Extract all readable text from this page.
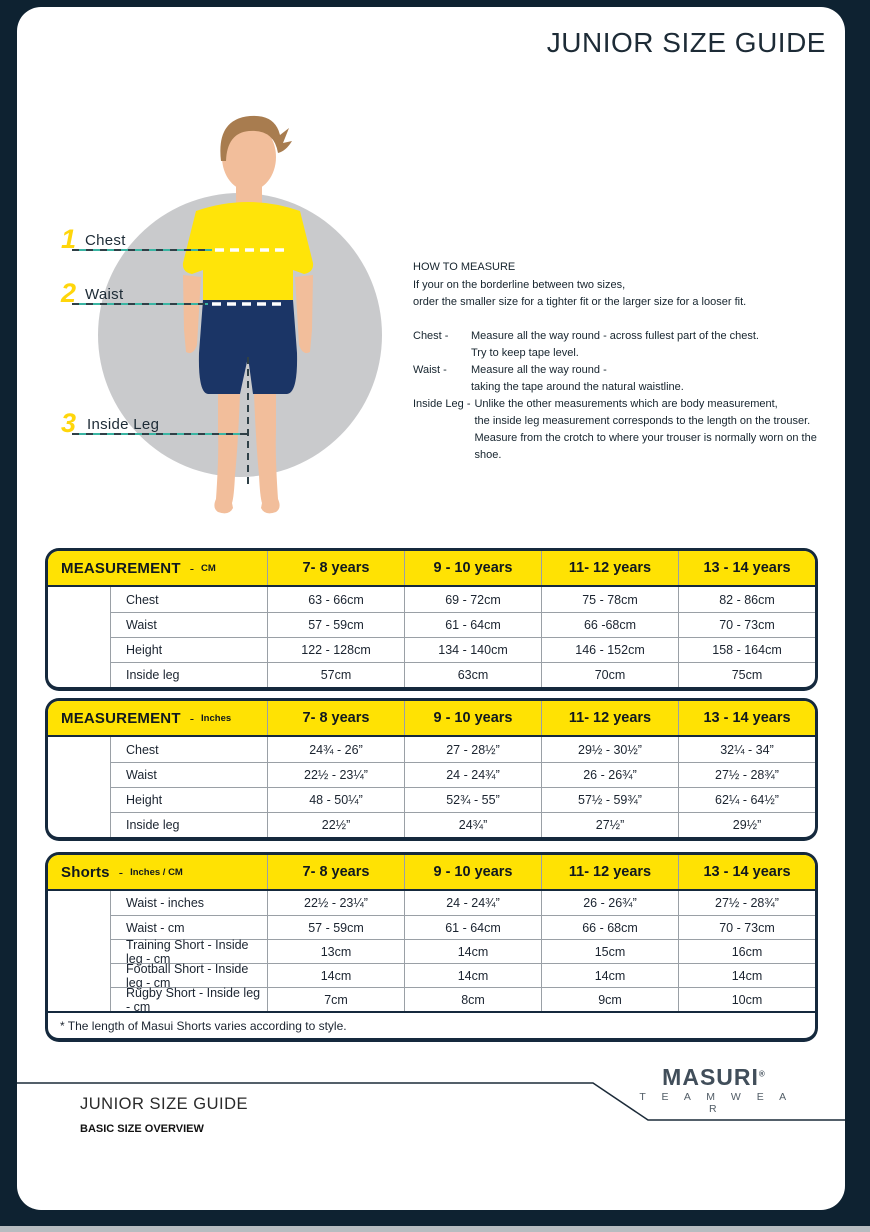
JUNIOR SIZE GUIDE
1 Chest
2 Waist
3 Inside Leg
HOW TO MEASURE
If your on the borderline between two sizes,
order the smaller size for a tighter fit or the larger size for a looser fit.
Chest -	Measure all the way round - across fullest part of the chest.
Try to keep tape level.
Waist -	Measure all the way round -
taking the tape around the natural waistline.
Inside Leg - Unlike the other measurements which are body measurement,
the inside leg measurement corresponds to the length on the trouser.
Measure from the crotch to where your trouser is normally worn on the shoe.
MEASUREMENT - CM	7- 8 years	9 - 10 years	11- 12 years	13 - 14 years
Chest	63 - 66cm	69 - 72cm	75 - 78cm	82 - 86cm
Waist	57 - 59cm	61 - 64cm	66 -68cm	70 - 73cm
Height	122 - 128cm	134 - 140cm	146 - 152cm	158 - 164cm
Inside leg	57cm	63cm	70cm	75cm
MEASUREMENT - Inches	7- 8 years	9 - 10 years	11- 12 years	13 - 14 years
Chest	24¾ - 26”	27 - 28½”	29½ - 30½”	32¼ - 34”
Waist	22½ - 23¼”	24 - 24¾”	26 - 26¾”	27½ - 28¾”
Height	48 - 50¼”	52¾ - 55”	57½ - 59¾”	62¼ - 64½”
Inside leg	22½”	24¾”	27½”	29½”
Shorts - Inches / CM	7- 8 years	9 - 10 years	11- 12 years	13 - 14 years
Waist - inches	22½ - 23¼”	24 - 24¾”	26 - 26¾”	27½ - 28¾”
Waist - cm	57 - 59cm	61 - 64cm	66 - 68cm	70 - 73cm
Training Short - Inside leg - cm	13cm	14cm	15cm	16cm
Football Short - Inside leg - cm	14cm	14cm	14cm	14cm
Rugby Short - Inside leg - cm	7cm	8cm	9cm	10cm
* The length of Masui Shorts varies according to style.
JUNIOR SIZE GUIDE
BASIC SIZE OVERVIEW
MASURI®
T E A M W E A R
